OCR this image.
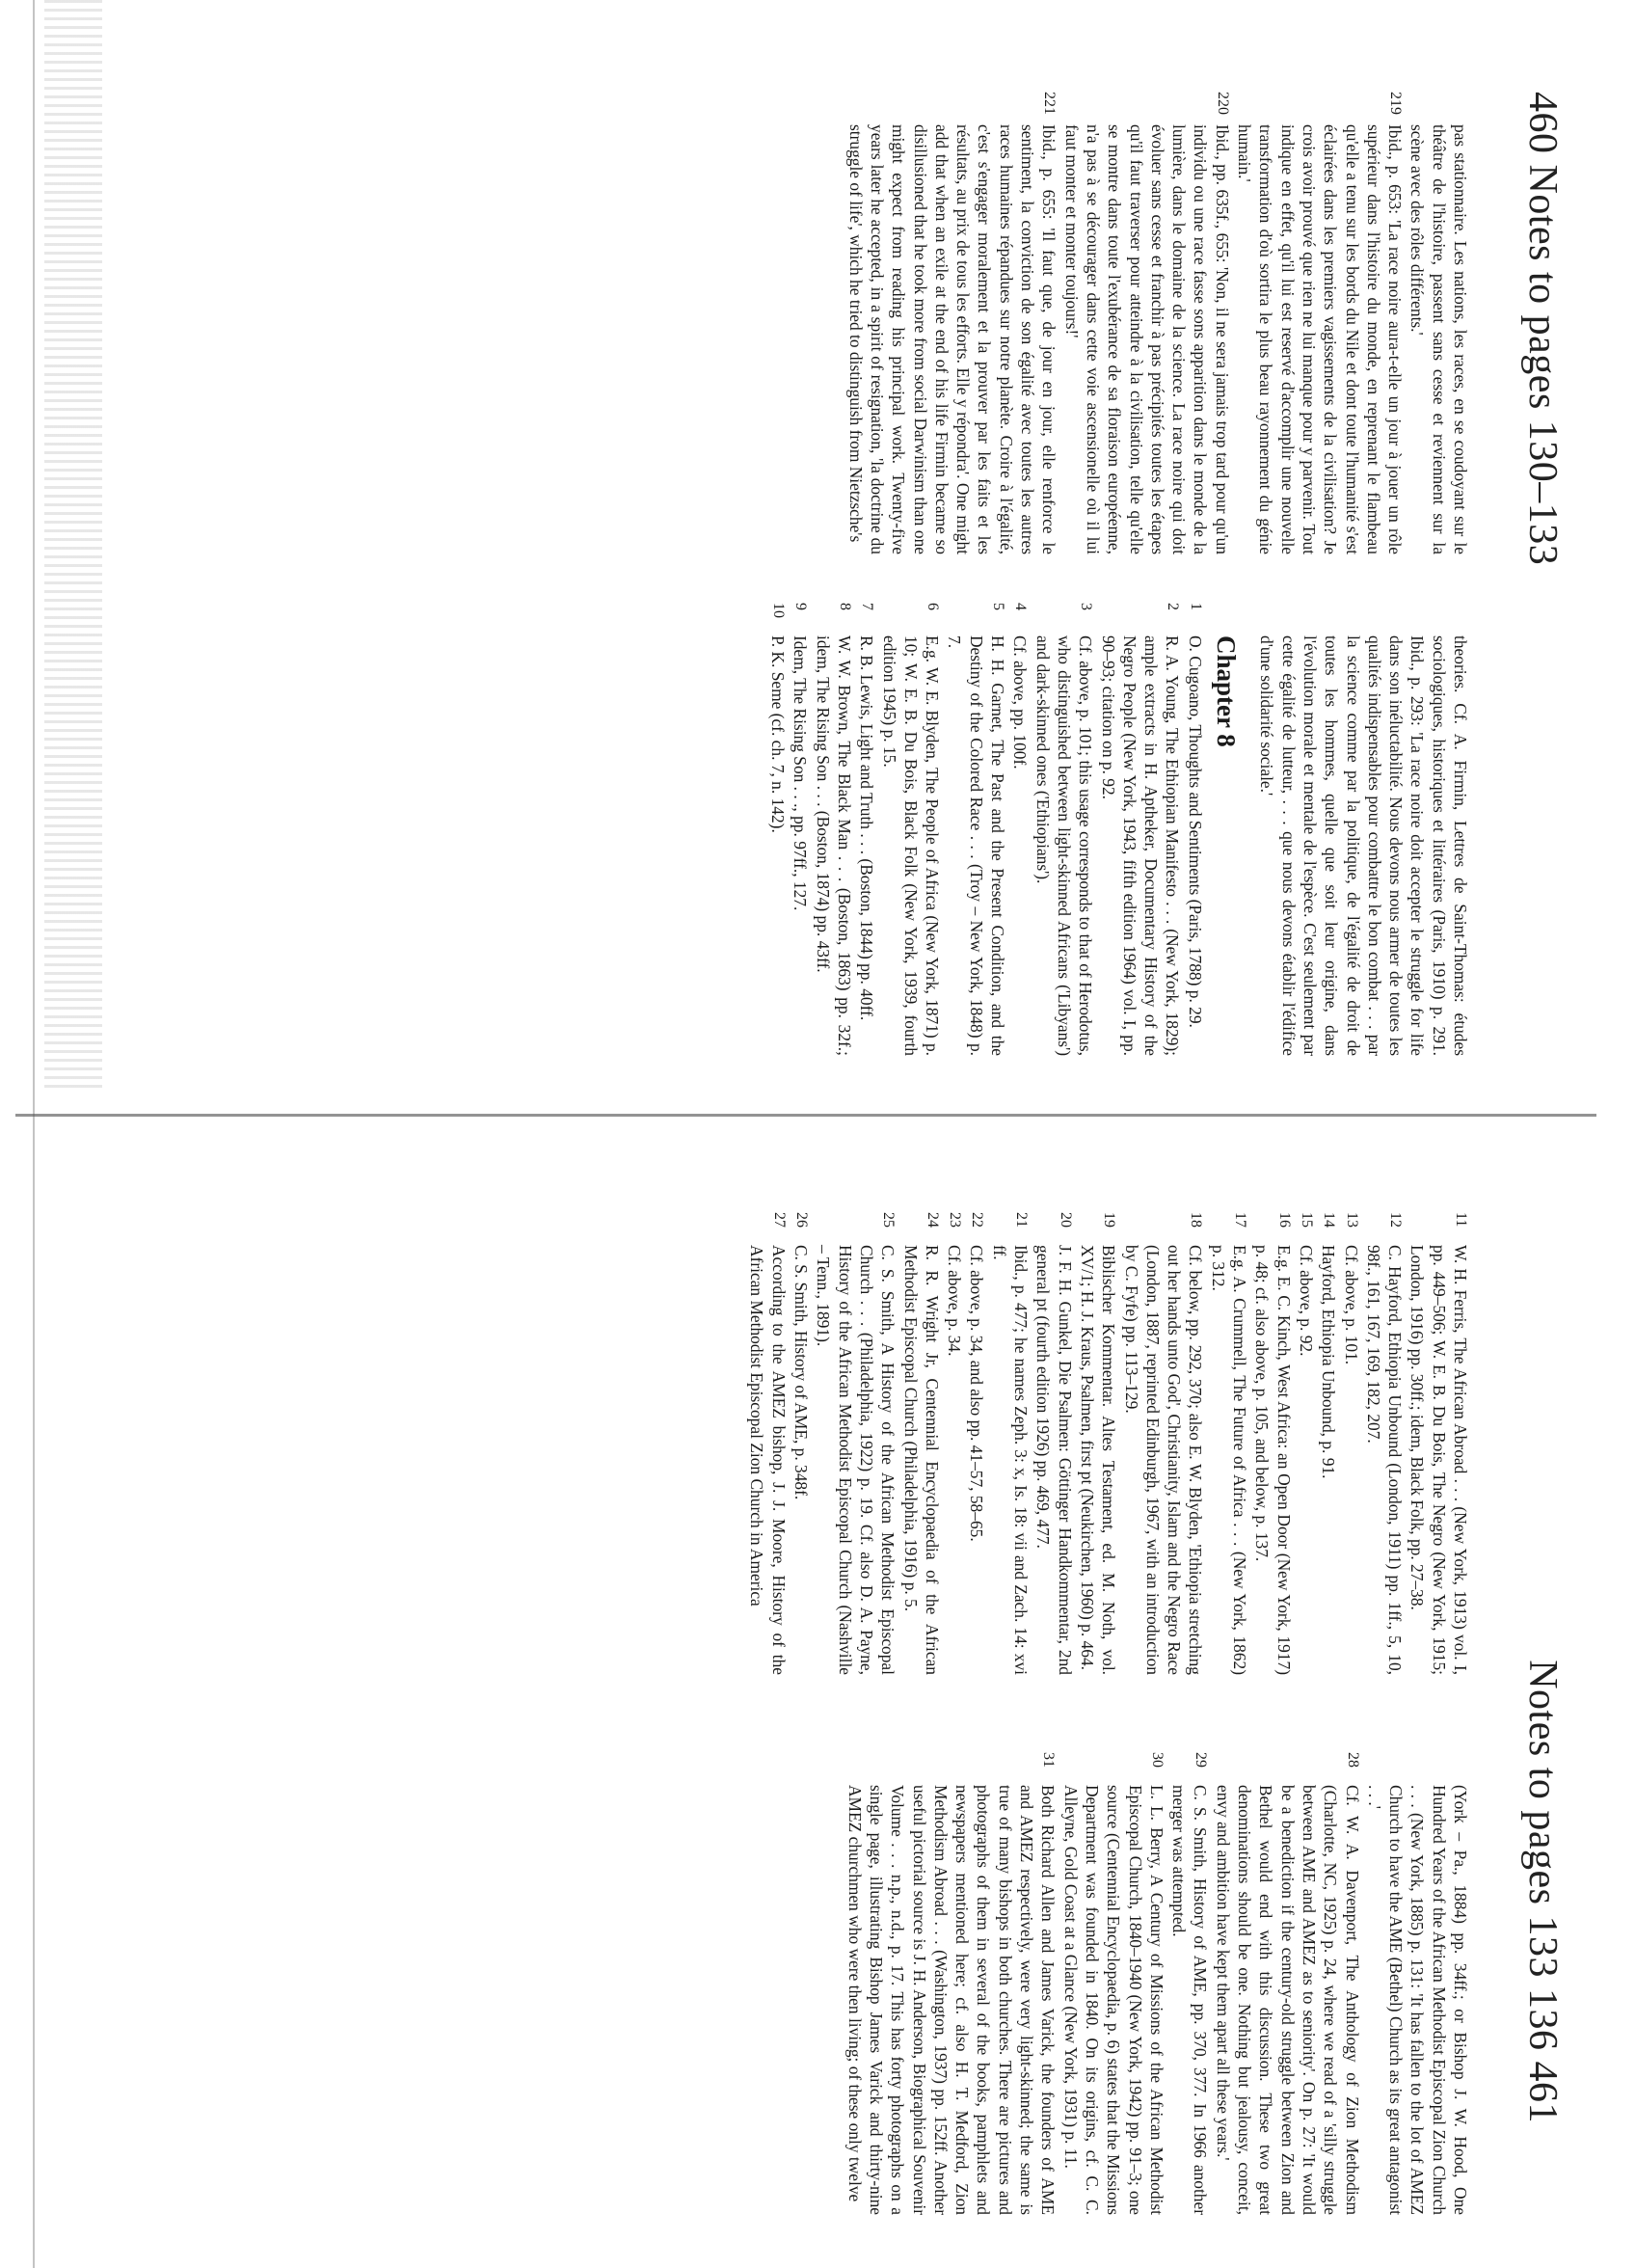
460 Notes to pages 130–133
pas stationnaire. Les nations, les races, en se coudoyant sur le théâtre de l'histoire, passent sans cesse et reviennent sur la scène avec des rôles différents.'
219
Ibid., p. 653: 'La race noire aura-t-elle un jour à jouer un rôle supérieur dans l'histoire du monde, en reprenant le flambeau qu'elle a tenu sur les bords du Nile et dont toute l'humanité s'est éclairées dans les premiers vagissements de la civilisation? Je crois avoir prouvé que rien ne lui manque pour y parvenir. Tout indique en effet, qu'il lui est reservé d'accomplir une nouvelle transformation d'où sortira le plus beau rayonnement du génie humain.'
220
Ibid., pp. 635f., 655: 'Non, il ne sera jamais trop tard pour qu'un individu ou une race fasse sons apparition dans le monde de la lumière, dans le domaine de la science. La race noire qui doit évoluer sans cesse et franchir à pas précipités toutes les étapes qu'il faut traverser pour atteindre à la civilisation, telle qu'elle se montre dans toute l'exubérance de sa floraison européenne, n'a pas à se décourager dans cette voie ascensionelle où il lui faut monter et monter toujours!'
221
Ibid., p. 655: 'Il faut que, de jour en jour, elle renforce le sentiment, la conviction de son égalité avec toutes les autres races humaines répandues sur notre planète. Croire à l'égalité, c'est s'engager moralement et la prouver par les faits et les résultats, au prix de tous les efforts. Elle y répondra'. One might add that when an exile at the end of his life Firmin became so disillusioned that he took more from social Darwinism than one might expect from reading his principal work. Twenty-five years later he accepted, in a spirit of resignation, 'la doctrine du struggle of life', which he tried to distinguish from Nietzsche's
theories. Cf. A. Firmin, Lettres de Saint-Thomas: études sociologiques, historiques et littéraires (Paris, 1910) p. 291. Ibid., p. 293: 'La race noire doit accepter le struggle for life dans son inéluctabilité. Nous devons nous armer de toutes les qualités indispensables pour combattre le bon combat . . . par la science comme par la politique, de l'égalité de droit de toutes les hommes, quelle que soit leur origine, dans l'évolution morale et mentale de l'espèce. C'est seulement par cette égalité de lutteur, . . . que nous devons établir l'édifice d'une solidarité sociale.'
Chapter 8
1
O. Cugoano, Thoughts and Sentiments (Paris, 1788) p. 29.
2
R. A. Young, The Ethiopian Manifesto . . . (New York, 1829); ample extracts in H. Aptheker, Documentary History of the Negro People (New York, 1943, fifth edition 1964) vol. I, pp. 90–93; citation on p. 92.
3
Cf. above, p. 101; this usage corresponds to that of Herodotus, who distinguished between light-skinned Africans ('Libyans') and dark-skinned ones ('Ethiopians').
4
Cf. above, pp. 100f.
5
H. H. Garnet, The Past and the Present Condition, and the Destiny of the Colored Race . . . (Troy – New York, 1848) p. 7.
6
E.g. W. E. Blyden, The People of Africa (New York, 1871) p. 10; W. E. B. Du Bois, Black Folk (New York, 1939, fourth edition 1945) p. 15.
7
R. B. Lewis, Light and Truth . . . (Boston, 1844) pp. 40ff.
8
W. W. Brown, The Black Man . . . (Boston, 1863) pp. 32f.; idem, The Rising Son . . . (Boston, 1874) pp. 43ff.
9
Idem, The Rising Son . . ., pp. 97ff., 127.
10
P. K. Seme (cf. ch. 7, n. 142).
Notes to pages 133 136 461
11
W. H. Ferris, The African Abroad . . . (New York, 1913) vol. I, pp. 449–506; W. E. B. Du Bois, The Negro (New York, 1915; London, 1916) pp. 30ff.; idem, Black Folk, pp. 27–38.
12
C. Hayford, Ethiopia Unbound (London, 1911) pp. 1ff., 5, 10, 98f., 161, 167, 169, 182, 207.
13
Cf. above, p. 101.
14
Hayford, Ethiopia Unbound, p. 91.
15
Cf. above, p. 92.
16
E.g. E. C. Kinch, West Africa: an Open Door (New York, 1917) p. 48; cf. also above, p. 105, and below, p. 137.
17
E.g. A. Crummell, The Future of Africa . . . (New York, 1862) p. 312.
18
Cf. below, pp. 292, 370; also E. W. Blyden, 'Ethiopia stretching out her hands unto God', Christianity, Islam and the Negro Race (London, 1887, reprinted Edinburgh, 1967, with an introduction by C. Fyfe) pp. 113–129.
19
Biblischer Kommentar. Altes Testament, ed. M. Noth, vol. XV/1; H. J. Kraus, Psalmen, first pt (Neukirchen, 1960) p. 464.
20
J. F. H. Gunkel, Die Psalmen: Göttinger Handkommentar, 2nd general pt (fourth edition 1926) pp. 469, 477.
21
Ibid., p. 477; he names Zeph. 3: x, Is. 18: vii and Zach. 14: xvi ff.
22
Cf. above, p. 34, and also pp. 41–57, 58–65.
23
Cf. above, p. 34.
24
R. R. Wright Jr, Centennial Encyclopaedia of the African Methodist Episcopal Church (Philadelphia, 1916) p. 5.
25
C. S. Smith, A History of the African Methodist Episcopal Church . . . (Philadelphia, 1922) p. 19. Cf. also D. A. Payne, History of the African Methodist Episcopal Church (Nashville – Tenn., 1891).
26
C. S. Smith, History of AME, p. 348f.
27
According to the AMEZ bishop, J. J. Moore, History of the African Methodist Episcopal Zion Church in America
(York – Pa., 1884) pp. 34ff.; or Bishop J. W. Hood, One Hundred Years of the African Methodist Episcopal Zion Church . . . (New York, 1885) p. 131: 'It has fallen to the lot of AMEZ Church to have the AME (Bethel) Church as its great antagonist . . .'
28
Cf. W. A. Davenport, The Anthology of Zion Methodism (Charlotte, NC, 1925) p. 24, where we read of a 'silly struggle between AME and AMEZ as to seniority'. On p. 27: 'It would be a benediction if the century-old struggle between Zion and Bethel would end with this discussion. These two great denominations should be one. Nothing but jealousy, conceit, envy and ambition have kept them apart all these years.'
29
C. S. Smith, History of AME, pp. 370, 377. In 1966 another merger was attempted.
30
L. L. Berry, A Century of Missions of the African Methodist Episcopal Church, 1840–1940 (New York, 1942) pp. 91–3; one source (Centennial Encyclopaedia, p. 6) states that the Missions Department was founded in 1840. On its origins, cf. C. C. Alleyne, Gold Coast at a Glance (New York, 1931) p. 11.
31
Both Richard Allen and James Varick, the founders of AME and AMEZ respectively, were very light-skinned; the same is true of many bishops in both churches. There are pictures and photographs of them in several of the books, pamphlets and newspapers mentioned here; cf. also H. T. Medford, Zion Methodism Abroad . . . (Washington, 1937) pp. 152ff. Another useful pictorial source is J. H. Anderson, Biographical Souvenir Volume . . . n.p., n.d., p. 17. This has forty photographs on a single page, illustrating Bishop James Varick and thirty-nine AMEZ churchmen who were then living; of these only twelve
